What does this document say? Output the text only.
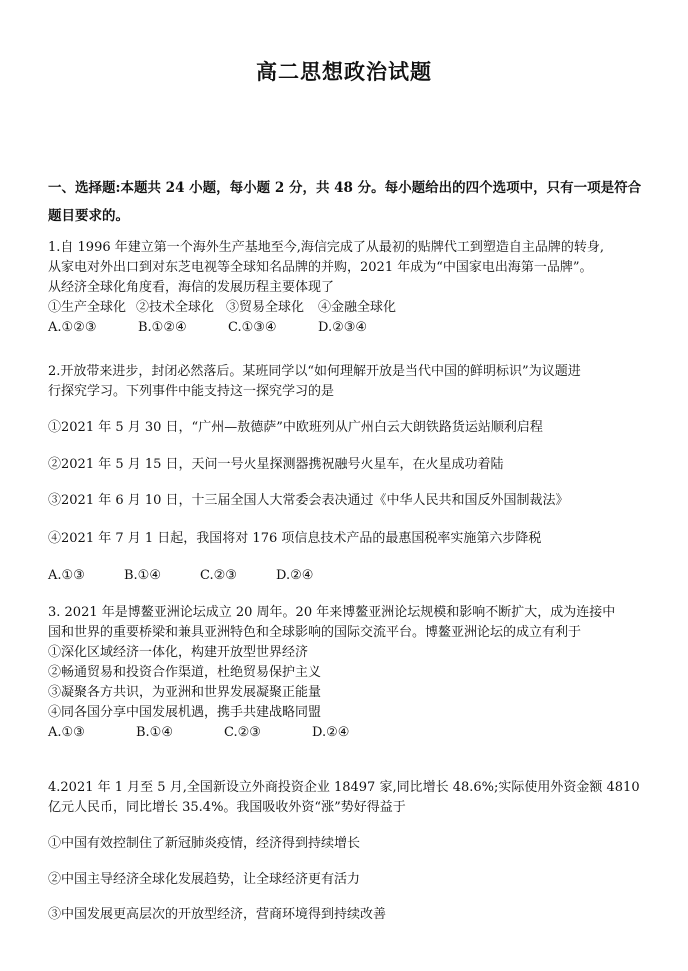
高二思想政治试题
一、选择题:本题共 24 小题，每小题 2 分，共 48 分。每小题给出的四个选项中，只有一项是符合题目要求的。
1.自 1996 年建立第一个海外生产基地至今,海信完成了从最初的贴牌代工到塑造自主品牌的转身,
从家电对外出口到对东芝电视等全球知名品牌的并购，2021 年成为“中国家电出海第一品牌”。
从经济全球化角度看，海信的发展历程主要体现了
①生产全球化 ②技术全球化 ③贸易全球化	④金融全球化
A.①②③	B.①②④	C.①③④	D.②③④
2.开放带来进步，封闭必然落后。某班同学以“如何理解开放是当代中国的鲜明标识”为议题进
行探究学习。下列事件中能支持这一探究学习的是
①2021 年 5 月 30 日，“广州—敖德萨”中欧班列从广州白云大朗铁路货运站顺利启程
②2021 年 5 月 15 日，天问一号火星探测器携祝融号火星车，在火星成功着陆
③2021 年 6 月 10 日，十三届全国人大常委会表决通过《中华人民共和国反外国制裁法》
④2021 年 7 月 1 日起，我国将对 176 项信息技术产品的最惠国税率实施第六步降税
A.①③	B.①④	C.②③	D.②④
3. 2021 年是博鳌亚洲论坛成立 20 周年。20 年来博鳌亚洲论坛规模和影响不断扩大，成为连接中
国和世界的重要桥梁和兼具亚洲特色和全球影响的国际交流平台。博鳌亚洲论坛的成立有利于
①深化区域经济一体化，构建开放型世界经济
②畅通贸易和投资合作渠道，杜绝贸易保护主义
③凝聚各方共识，为亚洲和世界发展凝聚正能量
④同各国分享中国发展机遇，携手共建战略同盟
A.①③	B.①④	C.②③	D.②④
4.2021 年 1 月至 5 月,全国新设立外商投资企业 18497 家,同比增长 48.6%;实际使用外资金额 4810
亿元人民币，同比增长 35.4%。我国吸收外资“涨”势好得益于
①中国有效控制住了新冠肺炎疫情，经济得到持续增长
②中国主导经济全球化发展趋势，让全球经济更有活力
③中国发展更高层次的开放型经济，营商环境得到持续改善
